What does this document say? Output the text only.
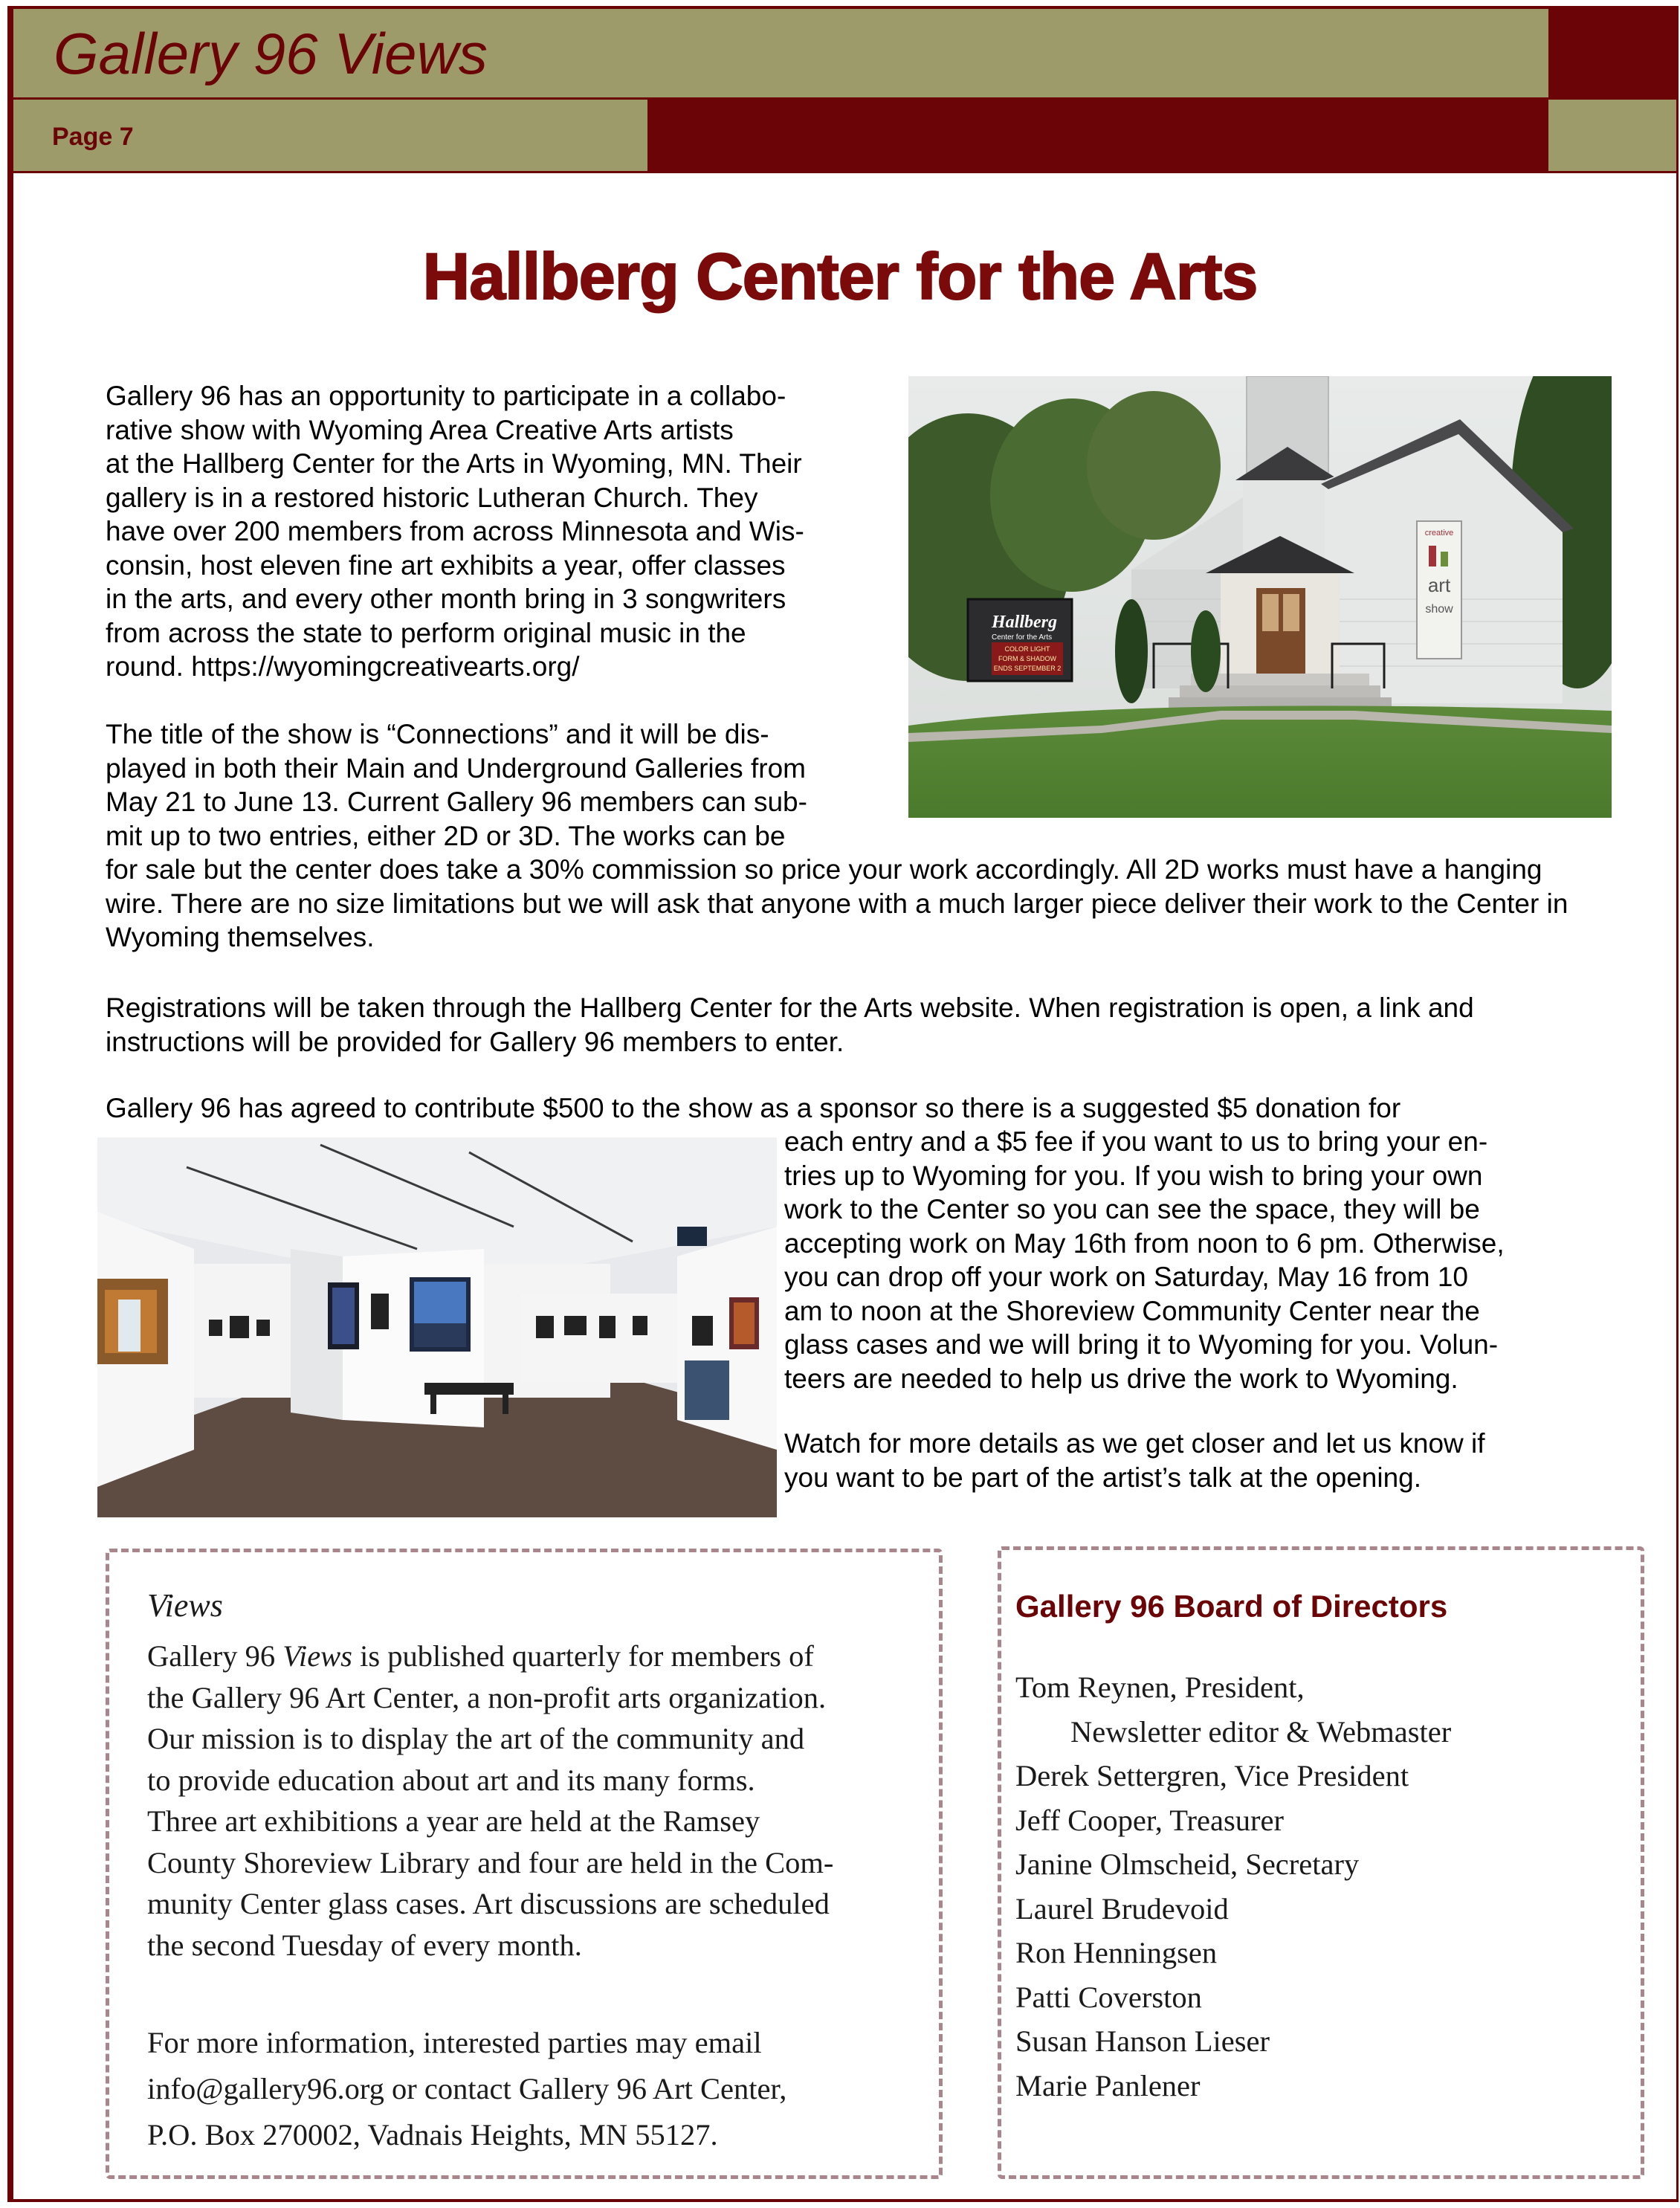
Gallery 96 Views
Page 7
Hallberg Center for the Arts
Gallery 96 has an opportunity to participate in a collabo-
rative show with Wyoming Area Creative Arts artists
at the Hallberg Center for the Arts in Wyoming, MN. Their
gallery is in a restored historic Lutheran Church. They
have over 200 members from across Minnesota and Wis-
consin, host eleven fine art exhibits a year, offer classes
in the arts, and every other month bring in 3 songwriters
from across the state to perform original music in the
round. https://wyomingcreativearts.org/
creative
art
show
Hallberg
Center for the Arts
COLOR LIGHT
FORM & SHADOW
ENDS SEPTEMBER 2
The title of the show is “Connections” and it will be dis-
played in both their Main and Underground Galleries from
May 21 to June 13. Current Gallery 96 members can sub-
mit up to two entries, either 2D or 3D. The works can be

for sale but the center does take a 30% commission so price your work accordingly. All 2D works must have a hanging wire. There are no size limitations but we will ask that anyone with a much larger piece deliver their work to the Center in Wyoming themselves.

Registrations will be taken through the Hallberg Center for the Arts website. When registration is open, a link and instructions will be provided for Gallery 96 members to enter.

Gallery 96 has agreed to contribute $500 to the show as a sponsor so there is a suggested $5 donation for
each entry and a $5 fee if you want to us to bring your en-
tries up to Wyoming for you. If you wish to bring your own
work to the Center so you can see the space, they will be
accepting work on May 16th from noon to 6 pm. Otherwise,
you can drop off your work on Saturday, May 16 from 10
am to noon at the Shoreview Community Center near the
glass cases and we will bring it to Wyoming for you. Volun-
teers are needed to help us drive the work to Wyoming.
Watch for more details as we get closer and let us know if
you want to be part of the artist’s talk at the opening.
Views
Gallery 96 Views is published quarterly for members of
the Gallery 96 Art Center, a non-profit arts organization.
Our mission is to display the art of the community and
to provide education about art and its many forms.
Three art exhibitions a year are held at the Ramsey
County Shoreview Library and four are held in the Com-
munity Center glass cases. Art discussions are scheduled
the second Tuesday of every month.
For more information, interested parties may email
info@gallery96.org or contact Gallery 96 Art Center,
P.O. Box 270002, Vadnais Heights, MN 55127.
Gallery 96 Board of Directors
Tom Reynen, President,
Newsletter editor & Webmaster
Derek Settergren, Vice President
Jeff Cooper, Treasurer
Janine Olmscheid, Secretary
Laurel Brudevoid
Ron Henningsen
Patti Coverston
Susan Hanson Lieser
Marie Panlener
